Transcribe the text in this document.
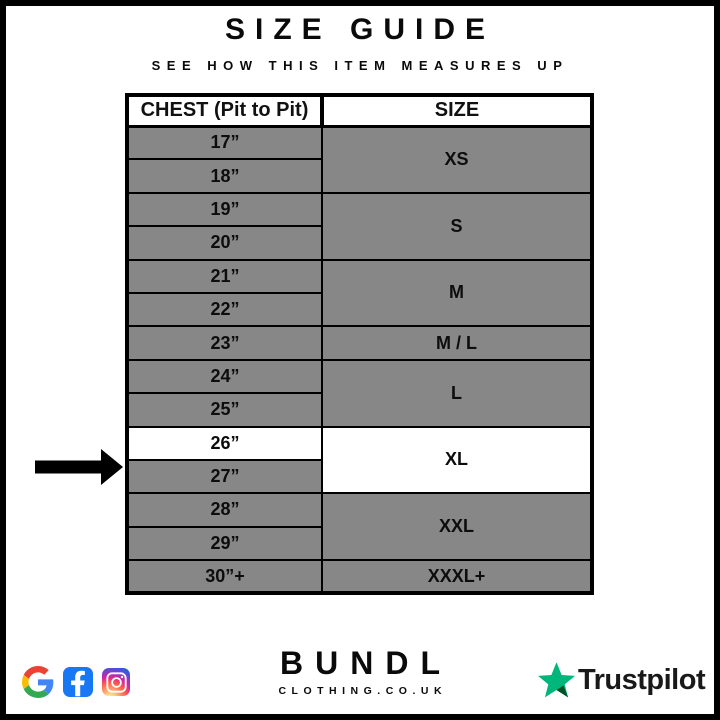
SIZE GUIDE
SEE HOW THIS ITEM MEASURES UP
CHEST (Pit to Pit)	SIZE
17”	XS
18”	
19”	S
20”	
21”	M
22”	
23”	M / L
24”	L
25”	
26”	XL
27”	
28”	XXL
29”	
30”+	XXXL+
BUNDL
CLOTHING.CO.UK	Trustpilot
